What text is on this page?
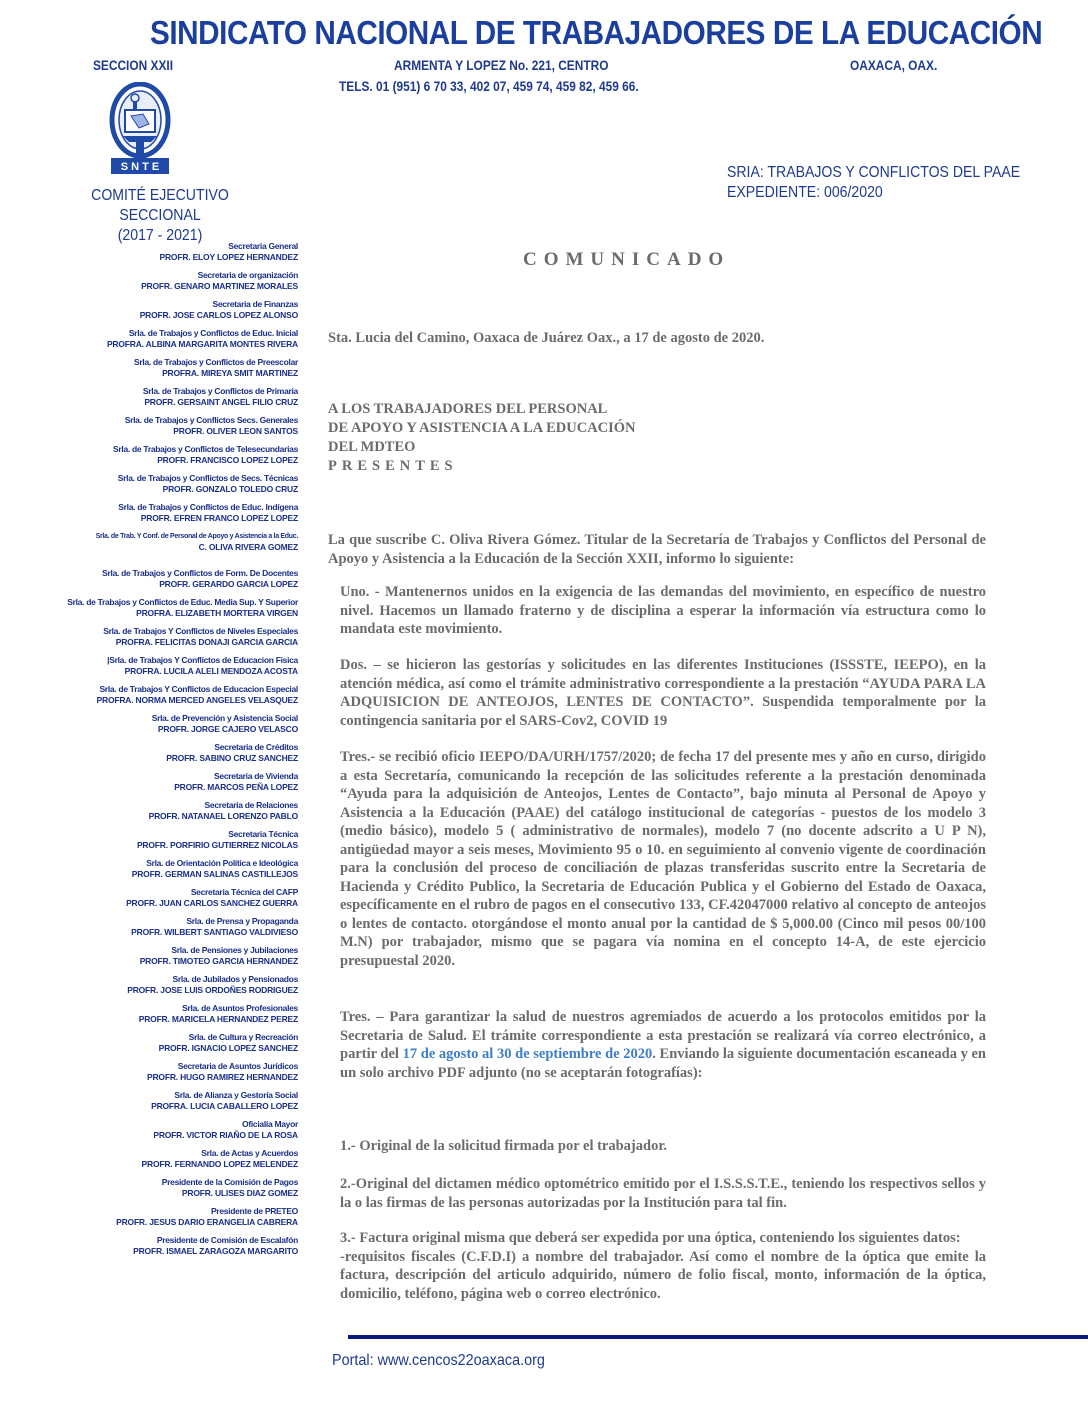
SINDICATO NACIONAL DE TRABAJADORES DE LA EDUCACIÓN
SECCION XXII	ARMENTA Y LOPEZ No. 221, CENTRO	OAXACA, OAX.
TELS. 01 (951) 6 70 33, 402 07, 459 74, 459 82, 459 66.
S N T E
COMITÉ EJECUTIVO SECCIONAL
(2017 - 2021)
SRIA: TRABAJOS Y CONFLICTOS DEL PAAE
EXPEDIENTE: 006/2020
Secretaria General
PROFR. ELOY LOPEZ HERNANDEZ
Secretaria de organización
PROFR. GENARO MARTINEZ MORALES
Secretaria de Finanzas
PROFR. JOSE CARLOS LOPEZ ALONSO
Srla. de Trabajos y Conflictos de Educ. Inicial
PROFRA. ALBINA MARGARITA MONTES RIVERA
Srla. de Trabajos y Conflictos de Preescolar
PROFRA. MIREYA SMIT MARTINEZ
Srla. de Trabajos y Conflictos de Primaria
PROFR. GERSAINT ANGEL FILIO CRUZ
Srla. de Trabajos y Conflictos Secs. Generales
PROFR. OLIVER LEON SANTOS
Srla. de Trabajos y Conflictos de Telesecundarias
PROFR. FRANCISCO LOPEZ LOPEZ
Srla. de Trabajos y Conflictos de Secs. Técnicas
PROFR. GONZALO TOLEDO CRUZ
Srla. de Trabajos y Conflictos de Educ. Indígena
PROFR. EFREN FRANCO LOPEZ LOPEZ
Srla. de Trab. Y Conf. de Personal de Apoyo y Asistencia a la Educ.
C. OLIVA RIVERA GOMEZ
Srla. de Trabajos y Conflictos de Form. De Docentes
PROFR. GERARDO GARCIA LOPEZ
Srla. de Trabajos y Conflictos de Educ. Media Sup. Y Superior
PROFRA. ELIZABETH MORTERA VIRGEN
Srla. de Trabajos Y Conflictos de Niveles Especiales
PROFRA. FELICITAS DONAJI GARCIA GARCIA
|Srla. de Trabajos Y Conflictos de Educacion Fisica
PROFRA. LUCILA ALELI MENDOZA ACOSTA
Srla. de Trabajos Y Conflictos de Educacion Especial
PROFRA. NORMA MERCED ANGELES VELASQUEZ
Srla. de Prevención y Asistencia Social
PROFR. JORGE CAJERO VELASCO
Secretaria de Créditos
PROFR. SABINO CRUZ SANCHEZ
Secretaria de Vivienda
PROFR. MARCOS PEÑA LOPEZ
Secretaria de Relaciones
PROFR. NATANAEL LORENZO PABLO
Secretaria Técnica
PROFR. PORFIRIO GUTIERREZ NICOLAS
Srla. de Orientación Política e Ideológica
PROFR. GERMAN SALINAS CASTILLEJOS
Secretaria Técnica del CAFP
PROFR. JUAN CARLOS SANCHEZ GUERRA
Srla. de Prensa y Propaganda
PROFR. WILBERT SANTIAGO VALDIVIESO
Srla. de Pensiones y Jubilaciones
PROFR. TIMOTEO GARCIA HERNANDEZ
Srla. de Jubilados y Pensionados
PROFR. JOSE LUIS ORDOÑES RODRIGUEZ
Srla. de Asuntos Profesionales
PROFR. MARICELA HERNANDEZ PEREZ
Srla. de Cultura y Recreación
PROFR. IGNACIO LOPEZ SANCHEZ
Secretaria de Asuntos Jurídicos
PROFR. HUGO RAMIREZ HERNANDEZ
Srla. de Alianza y Gestoría Social
PROFRA. LUCIA CABALLERO LOPEZ
Oficialía Mayor
PROFR. VICTOR RIAÑO DE LA ROSA
Srla. de Actas y Acuerdos
PROFR. FERNANDO LOPEZ MELENDEZ
Presidente de la Comisión de Pagos
PROFR. ULISES DIAZ GOMEZ
Presidente de PRETEO
PROFR. JESUS DARIO ERANGELIA CABRERA
Presidente de Comisión de Escalafón
PROFR. ISMAEL ZARAGOZA MARGARITO
COMUNICADO
Sta. Lucia del Camino, Oaxaca de Juárez Oax., a 17 de agosto de 2020.
A LOS TRABAJADORES DEL PERSONAL
DE APOYO Y ASISTENCIA A LA EDUCACIÓN
DEL MDTEO
PRESENTES
La que suscribe C. Oliva Rivera Gómez. Titular de la Secretaría de Trabajos y Conflictos del Personal de Apoyo y Asistencia a la Educación de la Sección XXII, informo lo siguiente:
Uno. - Mantenernos unidos en la exigencia de las demandas del movimiento, en específico de nuestro nivel. Hacemos un llamado fraterno y de disciplina a esperar la información vía estructura como lo mandata este movimiento.
Dos. – se hicieron las gestorías y solicitudes en las diferentes Instituciones (ISSSTE, IEEPO), en la atención médica, así como el trámite administrativo correspondiente a la prestación “AYUDA PARA LA ADQUISICION DE ANTEOJOS, LENTES DE CONTACTO”. Suspendida temporalmente por la contingencia sanitaria por el SARS-Cov2, COVID 19
Tres.- se recibió oficio IEEPO/DA/URH/1757/2020; de fecha 17 del presente mes y año en curso, dirigido a esta Secretaría, comunicando la recepción de las solicitudes referente a la prestación denominada “Ayuda para la adquisición de Anteojos, Lentes de Contacto”, bajo minuta al Personal de Apoyo y Asistencia a la Educación (PAAE) del catálogo institucional de categorías - puestos de los modelo 3 (medio básico), modelo 5 ( administrativo de normales), modelo 7 (no docente adscrito a U P N), antigüedad mayor a seis meses, Movimiento 95 o 10. en seguimiento al convenio vigente de coordinación para la conclusión del proceso de conciliación de plazas transferidas suscrito entre la Secretaria de Hacienda y Crédito Publico, la Secretaria de Educación Publica y el Gobierno del Estado de Oaxaca, específicamente en el rubro de pagos en el consecutivo 133, CF.42047000 relativo al concepto de anteojos o lentes de contacto. otorgándose el monto anual por la cantidad de $ 5,000.00 (Cinco mil pesos 00/100 M.N) por trabajador, mismo que se pagara vía nomina en el concepto 14-A, de este ejercicio presupuestal 2020.
Tres. – Para garantizar la salud de nuestros agremiados de acuerdo a los protocolos emitidos por la Secretaria de Salud. El trámite correspondiente a esta prestación se realizará vía correo electrónico, a partir del 17 de agosto al 30 de septiembre de 2020. Enviando la siguiente documentación escaneada y en un solo archivo PDF adjunto (no se aceptarán fotografías):
1.- Original de la solicitud firmada por el trabajador.
2.-Original del dictamen médico optométrico emitido por el I.S.S.S.T.E., teniendo los respectivos sellos y la o las firmas de las personas autorizadas por la Institución para tal fin.
3.- Factura original misma que deberá ser expedida por una óptica, conteniendo los siguientes datos:
-requisitos fiscales (C.F.D.I) a nombre del trabajador. Así como el nombre de la óptica que emite la factura, descripción del articulo adquirido, número de folio fiscal, monto, información de la óptica, domicilio, teléfono, página web o correo electrónico.
Portal: www.cencos22oaxaca.org
